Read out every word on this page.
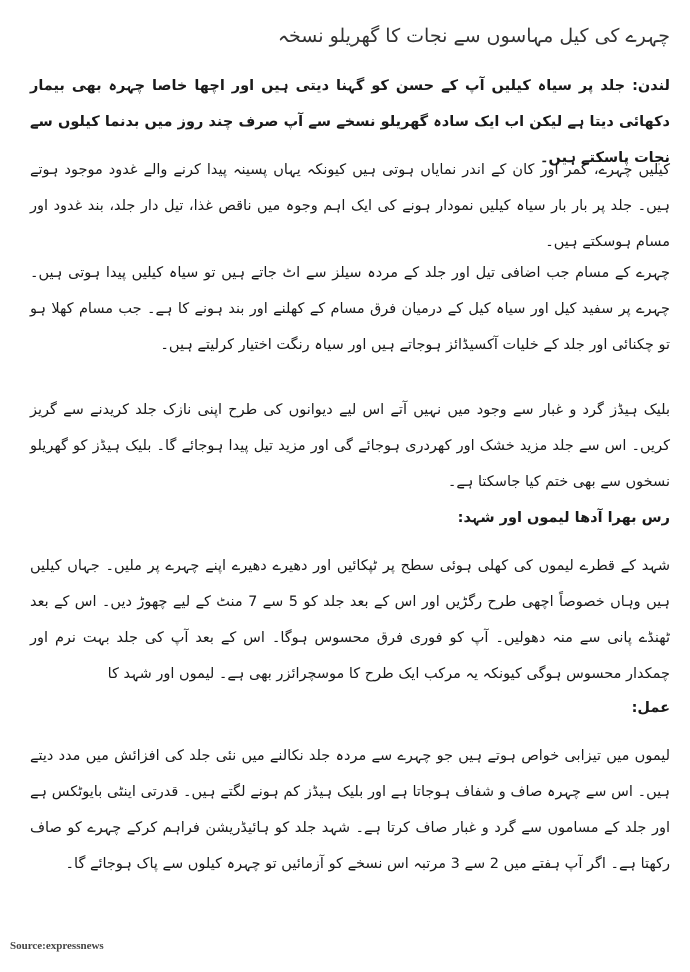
چہرے کی کیل مہاسوں سے نجات کا گھریلو نسخہ

لندن: جلد پر سیاہ کیلیں آپ کے حسن کو گہنا دیتی ہیں اور اچھا خاصا چہرہ بھی بیمار دکھائی دیتا ہے لیکن اب ایک سادہ گھریلو نسخے سے آپ صرف چند روز میں بدنما کیلوں سے نجات پاسکتے ہیں۔

کیلیں چہرے، کمر اور کان کے اندر نمایاں ہوتی ہیں کیونکہ یہاں پسینہ پیدا کرنے والے غدود موجود ہوتے ہیں۔ جلد پر بار بار سیاہ کیلیں نمودار ہونے کی ایک اہم وجوہ میں ناقص غذا، تیل دار جلد، بند غدود اور مسام ہوسکتے ہیں۔

چہرے کے مسام جب اضافی تیل اور جلد کے مردہ سیلز سے اٹ جاتے ہیں تو سیاہ کیلیں پیدا ہوتی ہیں۔ چہرے پر سفید کیل اور سیاہ کیل کے درمیان فرق مسام کے کھلنے اور بند ہونے کا ہے۔ جب مسام کھلا ہو تو چکنائی اور جلد کے خلیات آکسیڈائز ہوجاتے ہیں اور سیاہ رنگت اختیار کرلیتے ہیں۔

بلیک ہیڈز گرد و غبار سے وجود میں نہیں آتے اس لیے دیوانوں کی طرح اپنی نازک جلد کریدنے سے گریز کریں۔ اس سے جلد مزید خشک اور کھردری ہوجائے گی اور مزید تیل پیدا ہوجائے گا۔ بلیک ہیڈز کو گھریلو نسخوں سے بھی ختم کیا جاسکتا ہے۔

رس بھرا آدھا لیموں اور شہد:

شہد کے قطرے لیموں کی کھلی ہوئی سطح پر ٹپکائیں اور دھیرے دھیرے اپنے چہرے پر ملیں۔ جہاں کیلیں ہیں وہاں خصوصاً اچھی طرح رگڑیں اور اس کے بعد جلد کو 5 سے 7 منٹ کے لیے چھوڑ دیں۔ اس کے بعد ٹھنڈے پانی سے منہ دھولیں۔ آپ کو فوری فرق محسوس ہوگا۔ اس کے بعد آپ کی جلد بہت نرم اور چمکدار محسوس ہوگی کیونکہ یہ مرکب ایک طرح کا موسچرائزر بھی ہے۔ لیموں اور شہد کا

عمل:

لیموں میں تیزابی خواص ہوتے ہیں جو چہرے سے مردہ جلد نکالنے میں نئی جلد کی افزائش میں مدد دیتے ہیں۔ اس سے چہرہ صاف و شفاف ہوجاتا ہے اور بلیک ہیڈز کم ہونے لگتے ہیں۔ قدرتی اینٹی بایوٹکس ہے اور جلد کے مساموں سے گرد و غبار صاف کرتا ہے۔ شہد جلد کو ہائیڈریشن فراہم کرکے چہرے کو صاف رکھتا ہے۔ اگر آپ ہفتے میں 2 سے 3 مرتبہ اس نسخے کو آزمائیں تو چہرہ کیلوں سے پاک ہوجائے گا۔

Source:expressnews
